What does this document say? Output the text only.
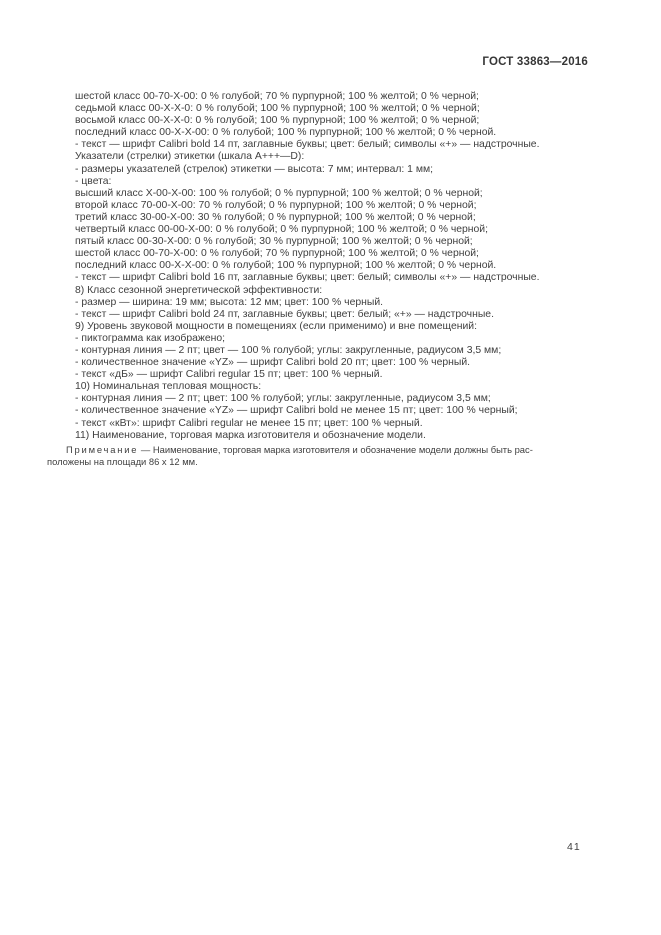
ГОСТ 33863—2016
шестой класс 00-70-Х-00: 0 % голубой; 70 % пурпурной; 100 % желтой; 0 % черной;
седьмой класс 00-Х-Х-0: 0 % голубой; 100 % пурпурной; 100 % желтой; 0 % черной;
восьмой класс 00-Х-Х-0: 0 % голубой; 100 % пурпурной; 100 % желтой; 0 % черной;
последний класс 00-Х-Х-00: 0 % голубой; 100 % пурпурной; 100 % желтой; 0 % черной.
- текст — шрифт Calibri bold 14 пт, заглавные буквы; цвет: белый; символы «+» — надстрочные.
Указатели (стрелки) этикетки (шкала A+++—D):
- размеры указателей (стрелок) этикетки — высота: 7 мм; интервал: 1 мм;
- цвета:
высший класс Х-00-Х-00: 100 % голубой; 0 % пурпурной; 100 % желтой; 0 % черной;
второй класс 70-00-Х-00: 70 % голубой; 0 % пурпурной; 100 % желтой; 0 % черной;
третий класс 30-00-Х-00: 30 % голубой; 0 % пурпурной; 100 % желтой; 0 % черной;
четвертый класс 00-00-Х-00: 0 % голубой; 0 % пурпурной; 100 % желтой; 0 % черной;
пятый класс 00-30-Х-00: 0 % голубой; 30 % пурпурной; 100 % желтой; 0 % черной;
шестой класс 00-70-Х-00: 0 % голубой; 70 % пурпурной; 100 % желтой; 0 % черной;
последний класс 00-Х-Х-00: 0 % голубой; 100 % пурпурной; 100 % желтой; 0 % черной.
- текст — шрифт Calibri bold 16 пт, заглавные буквы; цвет: белый; символы «+» — надстрочные.
8) Класс сезонной энергетической эффективности:
- размер — ширина: 19 мм; высота: 12 мм; цвет: 100 % черный.
- текст — шрифт Calibri bold 24 пт, заглавные буквы; цвет: белый; «+» — надстрочные.
9) Уровень звуковой мощности в помещениях (если применимо) и вне помещений:
- пиктограмма как изображено;
- контурная линия — 2 пт; цвет — 100 % голубой; углы: закругленные, радиусом 3,5 мм;
- количественное значение «YZ» — шрифт Calibri bold 20 пт; цвет: 100 % черный.
- текст «дБ» — шрифт Calibri regular 15 пт; цвет: 100 % черный.
10) Номинальная тепловая мощность:
- контурная линия — 2 пт; цвет: 100 % голубой; углы: закругленные, радиусом 3,5 мм;
- количественное значение «YZ» — шрифт Calibri bold не менее 15 пт; цвет: 100 % черный;
- текст «кВт»: шрифт Calibri regular не менее 15 пт; цвет: 100 % черный.
11) Наименование, торговая марка изготовителя и обозначение модели.
Примечание — Наименование, торговая марка изготовителя и обозначение модели должны быть рас-
положены на площади 86 x 12 мм.
41
